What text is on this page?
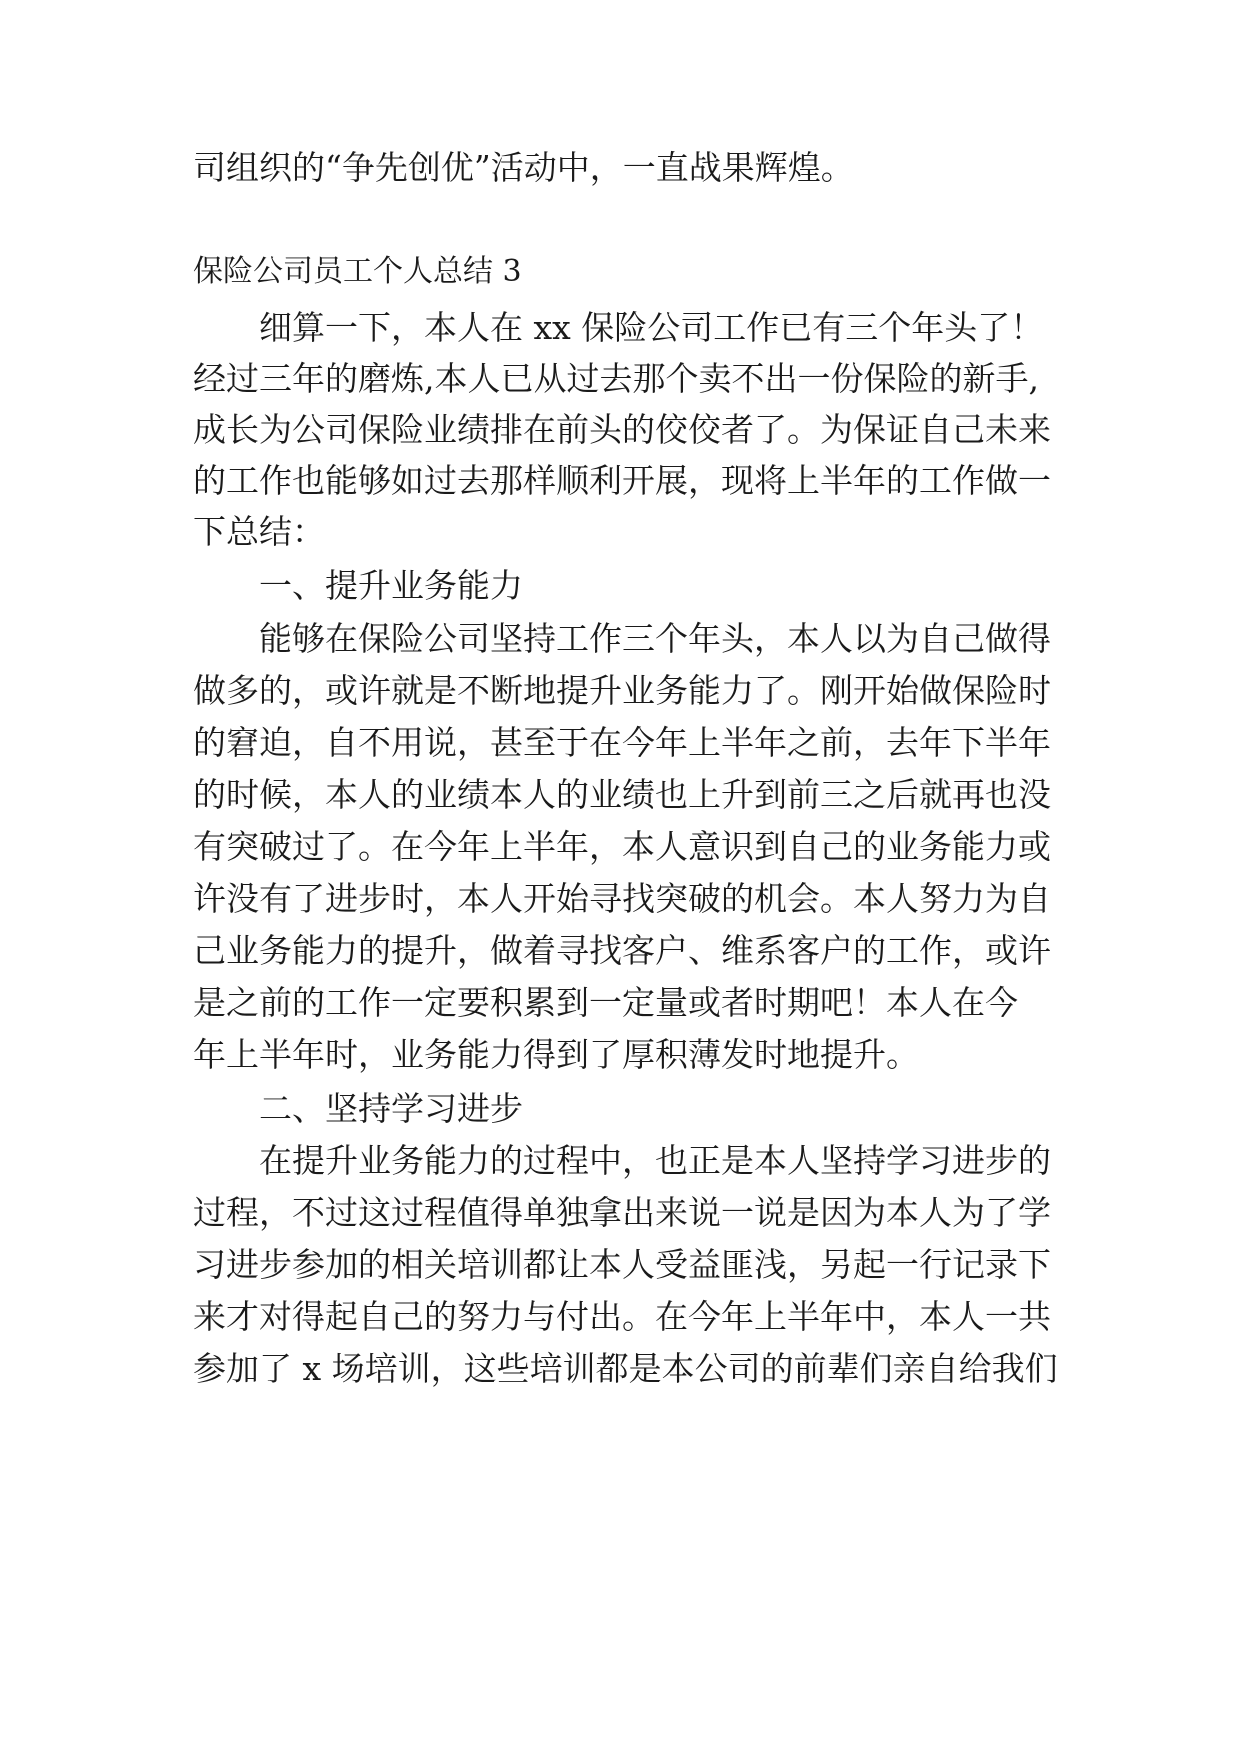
司组织的“争先创优”活动中，一直战果辉煌。

保险公司员工个人总结 3

细算一下，本人在 xx 保险公司工作已有三个年头了！

经过三年的磨炼,本人已从过去那个卖不出一份保险的新手,

成长为公司保险业绩排在前头的佼佼者了。为保证自己未来

的工作也能够如过去那样顺利开展，现将上半年的工作做一

下总结：

一、提升业务能力

能够在保险公司坚持工作三个年头，本人以为自己做得

做多的，或许就是不断地提升业务能力了。刚开始做保险时

的窘迫，自不用说，甚至于在今年上半年之前，去年下半年

的时候，本人的业绩本人的业绩也上升到前三之后就再也没

有突破过了。在今年上半年，本人意识到自己的业务能力或

许没有了进步时，本人开始寻找突破的机会。本人努力为自

己业务能力的提升，做着寻找客户、维系客户的工作，或许

是之前的工作一定要积累到一定量或者时期吧！本人在今

年上半年时，业务能力得到了厚积薄发时地提升。

二、坚持学习进步

在提升业务能力的过程中，也正是本人坚持学习进步的

过程，不过这过程值得单独拿出来说一说是因为本人为了学

习进步参加的相关培训都让本人受益匪浅，另起一行记录下

来才对得起自己的努力与付出。在今年上半年中，本人一共

参加了 x 场培训，这些培训都是本公司的前辈们亲自给我们
